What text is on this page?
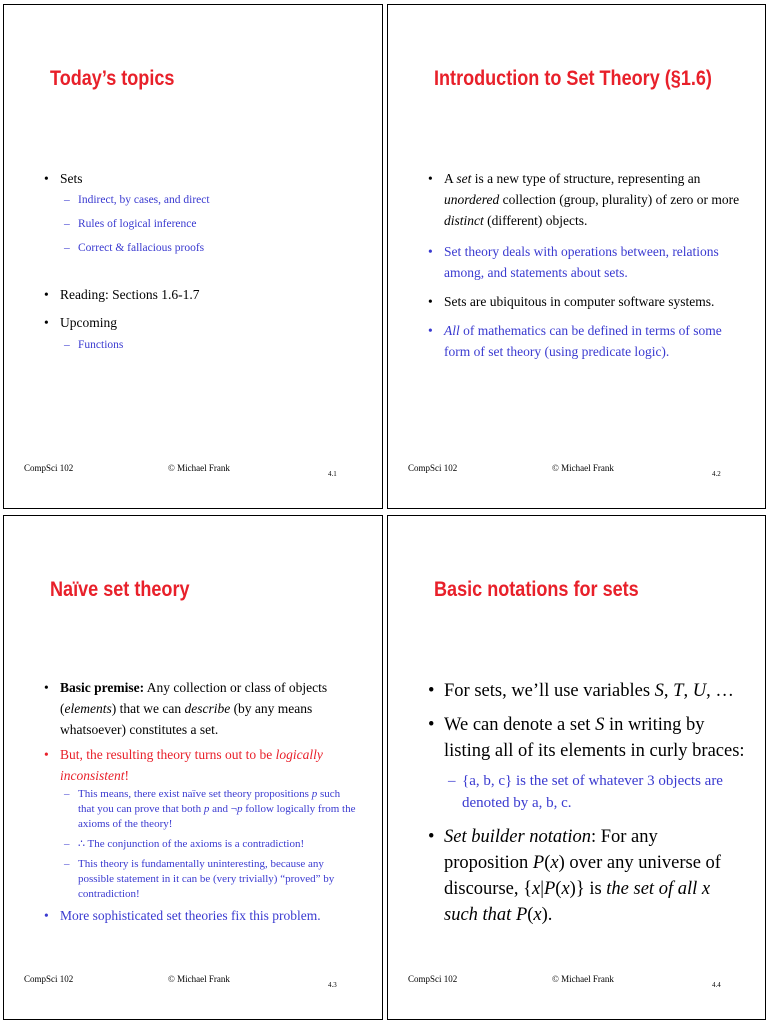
Today’s topics

• Sets

– Indirect, by cases, and direct

– Rules of logical inference

– Correct & fallacious proofs

• Reading: Sections 1.6-1.7

• Upcoming

– Functions

CompSci 102	© Michael Frank
4.1
Introduction to Set Theory (§1.6)

• A set is a new type of structure, representing an unordered collection (group, plurality) of zero or more distinct (different) objects.

• Set theory deals with operations between, relations among, and statements about sets.

• Sets are ubiquitous in computer software systems.

• All of mathematics can be defined in terms of some form of set theory (using predicate logic).

CompSci 102	© Michael Frank
4.2
Naïve set theory

• Basic premise: Any collection or class of objects (elements) that we can describe (by any means whatsoever) constitutes a set.

• But, the resulting theory turns out to be logically inconsistent!

– This means, there exist naïve set theory propositions p such that you can prove that both p and ¬p follow logically from the axioms of the theory!

– ∴ The conjunction of the axioms is a contradiction!

– This theory is fundamentally uninteresting, because any possible statement in it can be (very trivially) “proved” by contradiction!

• More sophisticated set theories fix this problem.

CompSci 102	© Michael Frank
4.3
Basic notations for sets

• For sets, we’ll use variables S, T, U, …

• We can denote a set S in writing by listing all of its elements in curly braces:

– {a, b, c} is the set of whatever 3 objects are denoted by a, b, c.

• Set builder notation: For any proposition P(x) over any universe of discourse, {x|P(x)} is the set of all x such that P(x).

CompSci 102	© Michael Frank
4.4
